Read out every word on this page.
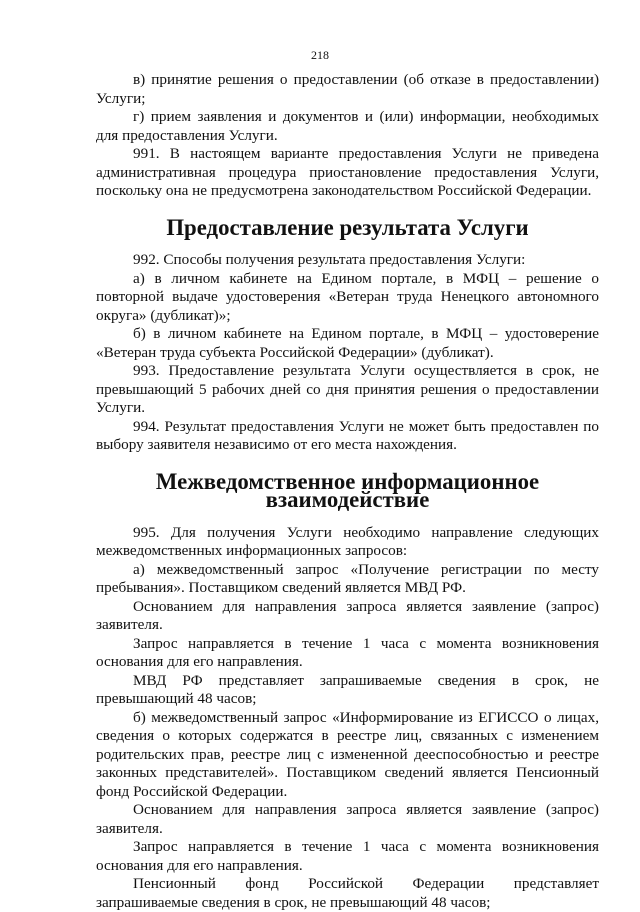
218

в) принятие решения о предоставлении (об отказе в предоставлении) Услуги;

г) прием заявления и документов и (или) информации, необходимых для предоставления Услуги.

991. В настоящем варианте предоставления Услуги не приведена административная процедура приостановление предоставления Услуги, поскольку она не предусмотрена законодательством Российской Федерации.

Предоставление результата Услуги

992. Способы получения результата предоставления Услуги:

а) в личном кабинете на Едином портале, в МФЦ – решение о повторной выдаче удостоверения «Ветеран труда Ненецкого автономного округа» (дубликат)»;

б) в личном кабинете на Едином портале, в МФЦ – удостоверение «Ветеран труда субъекта Российской Федерации» (дубликат).

993. Предоставление результата Услуги осуществляется в срок, не превышающий 5 рабочих дней со дня принятия решения о предоставлении Услуги.

994. Результат предоставления Услуги не может быть предоставлен по выбору заявителя независимо от его места нахождения.

Межведомственное информационное взаимодействие

995. Для получения Услуги необходимо направление следующих межведомственных информационных запросов:

а) межведомственный запрос «Получение регистрации по месту пребывания». Поставщиком сведений является МВД РФ.

Основанием для направления запроса является заявление (запрос) заявителя.

Запрос направляется в течение 1 часа с момента возникновения основания для его направления.

МВД РФ представляет запрашиваемые сведения в срок, не превышающий 48 часов;

б) межведомственный запрос «Информирование из ЕГИССО о лицах, сведения о которых содержатся в реестре лиц, связанных с изменением родительских прав, реестре лиц с измененной дееспособностью и реестре законных представителей». Поставщиком сведений является Пенсионный фонд Российской Федерации.

Основанием для направления запроса является заявление (запрос) заявителя.

Запрос направляется в течение 1 часа с момента возникновения основания для его направления.

Пенсионный фонд Российской Федерации представляет запрашиваемые сведения в срок, не превышающий 48 часов;
